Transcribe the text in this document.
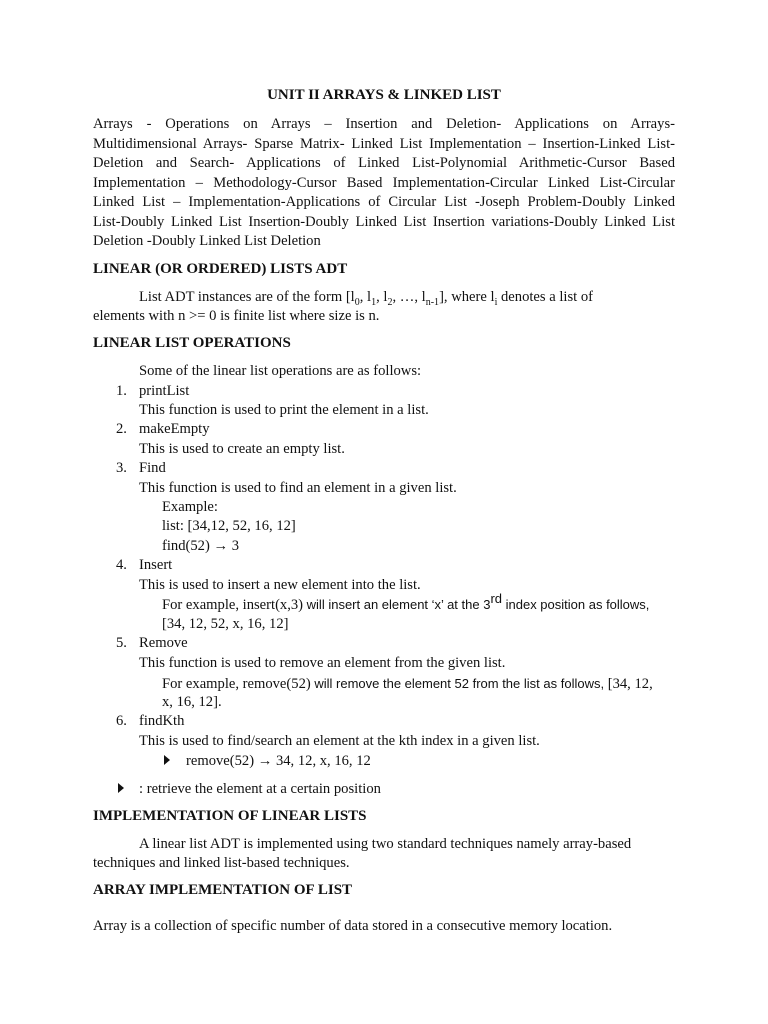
UNIT II ARRAYS & LINKED LIST
Arrays - Operations on Arrays – Insertion and Deletion- Applications on Arrays-
Multidimensional Arrays- Sparse Matrix- Linked List Implementation – Insertion-Linked List-
Deletion and Search- Applications of Linked List-Polynomial Arithmetic-Cursor Based
Implementation – Methodology-Cursor Based Implementation-Circular Linked List-Circular
Linked List – Implementation-Applications of Circular List -Joseph Problem-Doubly Linked
List-Doubly Linked List Insertion-Doubly Linked List Insertion variations-Doubly Linked List
Deletion -Doubly Linked List Deletion
LINEAR (OR ORDERED) LISTS ADT
List ADT instances are of the form [$l_0$, $l_1$, $l_2$, …, $l_{n-1}$], where $l_i$ denotes a list of
elements with n >= 0 is finite list where size is n.
LINEAR LIST OPERATIONS
Some of the linear list operations are as follows:
1. printList
This function is used to print the element in a list.
2. makeEmpty
This is used to create an empty list.
3. Find
This function is used to find an element in a given list.
Example:
list: [34,12, 52, 16, 12]
find(52) → 3
4. Insert
This is used to insert a new element into the list.
For example, insert(x,3) will insert an element ‘x’ at the 3rd index position as follows,
[34, 12, 52, x, 16, 12]
5. Remove
This function is used to remove an element from the given list.
For example, remove(52) will remove the element 52 from the list as follows, [34, 12,
x, 16, 12].
6. findKth
This is used to find/search an element at the kth index in a given list.
remove(52) → 34, 12, x, 16, 12
: retrieve the element at a certain position
IMPLEMENTATION OF LINEAR LISTS
A linear list ADT is implemented using two standard techniques namely array-based
techniques and linked list-based techniques.
ARRAY IMPLEMENTATION OF LIST
Array is a collection of specific number of data stored in a consecutive memory location.
